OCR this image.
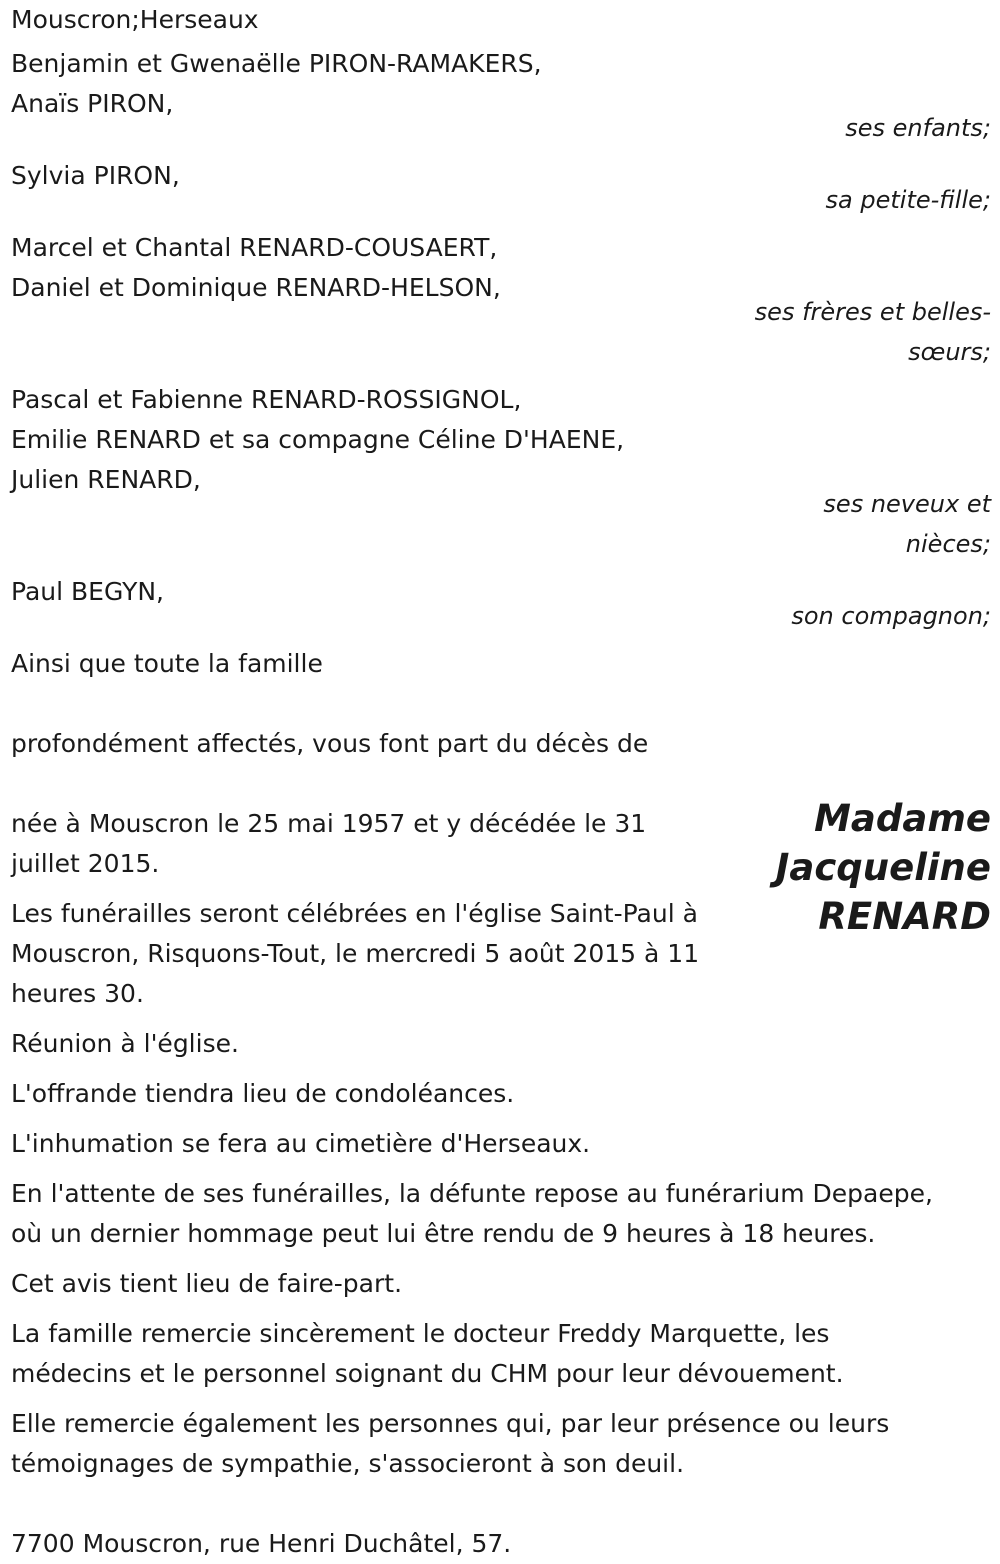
Mouscron;Herseaux
Benjamin et Gwenaëlle PIRON-RAMAKERS,
Anaïs PIRON,
ses enfants;
Sylvia PIRON,
sa petite-fille;
Marcel et Chantal RENARD-COUSAERT,
Daniel et Dominique RENARD-HELSON,
ses frères et belles-
sœurs;
Pascal et Fabienne RENARD-ROSSIGNOL,
Emilie RENARD et sa compagne Céline D'HAENE,
Julien RENARD,
ses neveux et
nièces;
Paul BEGYN,
son compagnon;
Ainsi que toute la famille
profondément affectés, vous font part du décès de
Madame
Jacqueline
RENARD
née à Mouscron le 25 mai 1957 et y décédée le 31
juillet 2015.
Les funérailles seront célébrées en l'église Saint-Paul à
Mouscron, Risquons-Tout, le mercredi 5 août 2015 à 11
heures 30.
Réunion à l'église.
L'offrande tiendra lieu de condoléances.
L'inhumation se fera au cimetière d'Herseaux.
En l'attente de ses funérailles, la défunte repose au funérarium Depaepe,
où un dernier hommage peut lui être rendu de 9 heures à 18 heures.
Cet avis tient lieu de faire-part.
La famille remercie sincèrement le docteur Freddy Marquette, les
médecins et le personnel soignant du CHM pour leur dévouement.
Elle remercie également les personnes qui, par leur présence ou leurs
témoignages de sympathie, s'associeront à son deuil.
7700 Mouscron, rue Henri Duchâtel, 57.
